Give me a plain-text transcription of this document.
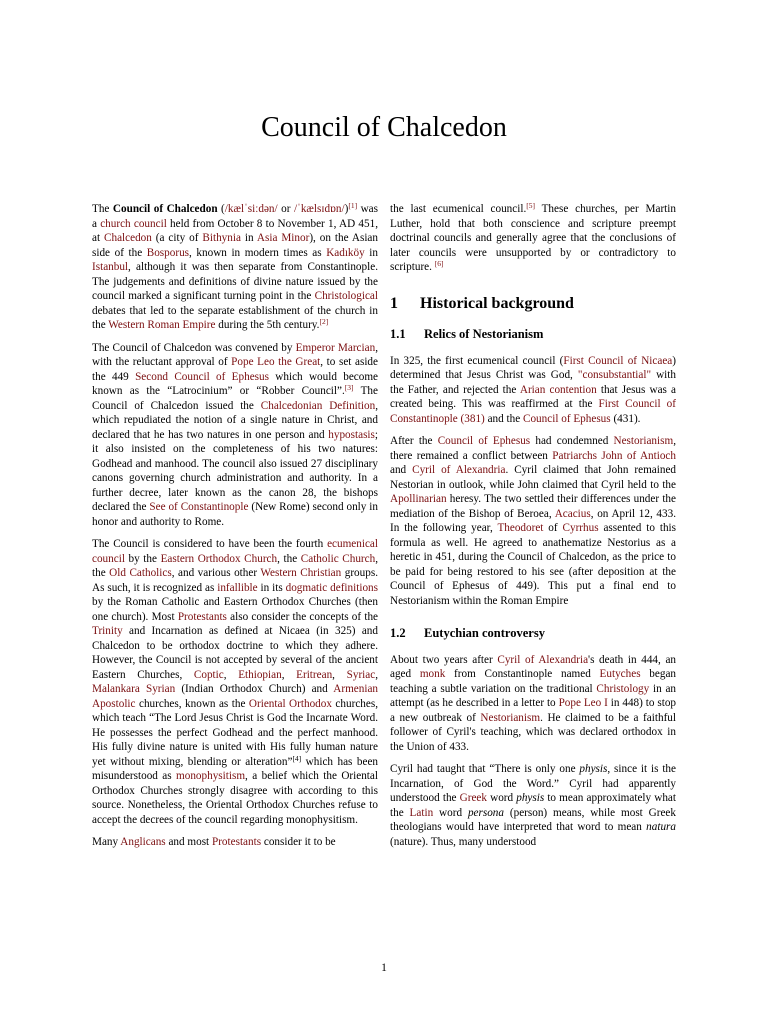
Council of Chalcedon

The Council of Chalcedon (/kælˈsiːdən/ or /ˈkælsɪdɒn/)[1] was a church council held from October 8 to November 1, AD 451, at Chalcedon (a city of Bithynia in Asia Minor), on the Asian side of the Bosporus, known in modern times as Kadıköy in Istanbul, although it was then separate from Constantinople. The judgements and definitions of divine nature issued by the council marked a significant turning point in the Christological debates that led to the separate establishment of the church in the Western Roman Empire during the 5th century.[2]

The Council of Chalcedon was convened by Emperor Marcian, with the reluctant approval of Pope Leo the Great, to set aside the 449 Second Council of Ephesus which would become known as the “Latrocinium” or “Robber Council”.[3] The Council of Chalcedon issued the Chalcedonian Definition, which repudiated the notion of a single nature in Christ, and declared that he has two natures in one person and hypostasis; it also insisted on the completeness of his two natures: Godhead and manhood. The council also issued 27 disciplinary canons governing church administration and authority. In a further decree, later known as the canon 28, the bishops declared the See of Constantinople (New Rome) second only in honor and authority to Rome.

The Council is considered to have been the fourth ecumenical council by the Eastern Orthodox Church, the Catholic Church, the Old Catholics, and various other Western Christian groups. As such, it is recognized as infallible in its dogmatic definitions by the Roman Catholic and Eastern Orthodox Churches (then one church). Most Protestants also consider the concepts of the Trinity and Incarnation as defined at Nicaea (in 325) and Chalcedon to be orthodox doctrine to which they adhere. However, the Council is not accepted by several of the ancient Eastern Churches, Coptic, Ethiopian, Eritrean, Syriac, Malankara Syrian (Indian Orthodox Church) and Armenian Apostolic churches, known as the Oriental Orthodox churches, which teach “The Lord Jesus Christ is God the Incarnate Word. He possesses the perfect Godhead and the perfect manhood. His fully divine nature is united with His fully human nature yet without mixing, blending or alteration”[4] which has been misunderstood as monophysitism, a belief which the Oriental Orthodox Churches strongly disagree with according to this source. Nonetheless, the Oriental Orthodox Churches refuse to accept the decrees of the council regarding monophysitism.

Many Anglicans and most Protestants consider it to be

the last ecumenical council.[5] These churches, per Martin Luther, hold that both conscience and scripture preempt doctrinal councils and generally agree that the conclusions of later councils were unsupported by or contradictory to scripture. [6]

1 Historical background
1.1 Relics of Nestorianism

In 325, the first ecumenical council (First Council of Nicaea) determined that Jesus Christ was God, "consubstantial" with the Father, and rejected the Arian contention that Jesus was a created being. This was reaffirmed at the First Council of Constantinople (381) and the Council of Ephesus (431).

After the Council of Ephesus had condemned Nestorianism, there remained a conflict between Patriarchs John of Antioch and Cyril of Alexandria. Cyril claimed that John remained Nestorian in outlook, while John claimed that Cyril held to the Apollinarian heresy. The two settled their differences under the mediation of the Bishop of Beroea, Acacius, on April 12, 433. In the following year, Theodoret of Cyrrhus assented to this formula as well. He agreed to anathematize Nestorius as a heretic in 451, during the Council of Chalcedon, as the price to be paid for being restored to his see (after deposition at the Council of Ephesus of 449). This put a final end to Nestorianism within the Roman Empire

1.2 Eutychian controversy

About two years after Cyril of Alexandria's death in 444, an aged monk from Constantinople named Eutyches began teaching a subtle variation on the traditional Christology in an attempt (as he described in a letter to Pope Leo I in 448) to stop a new outbreak of Nestorianism. He claimed to be a faithful follower of Cyril's teaching, which was declared orthodox in the Union of 433.

Cyril had taught that “There is only one physis, since it is the Incarnation, of God the Word.” Cyril had apparently understood the Greek word physis to mean approximately what the Latin word persona (person) means, while most Greek theologians would have interpreted that word to mean natura (nature). Thus, many understood

1
